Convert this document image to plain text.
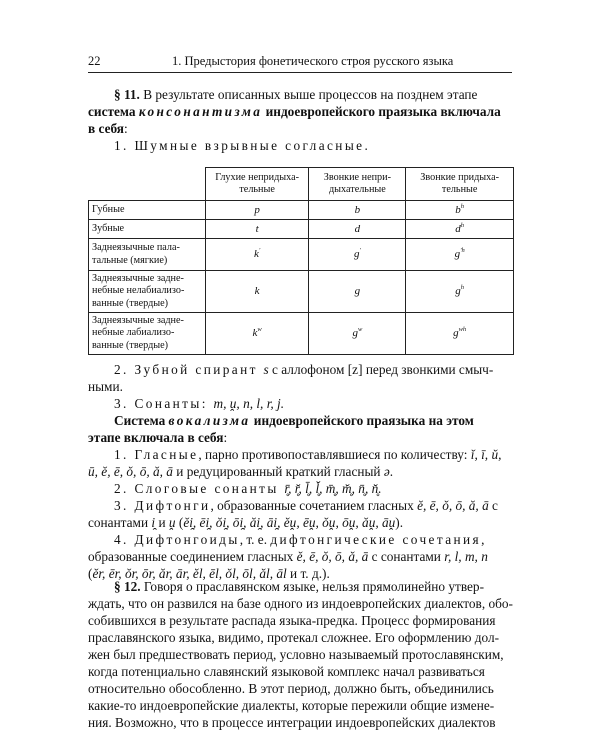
22	1. Предыстория фонетического строя русского языка
§ 11. В результате описанных выше процессов на позднем этапе
система консонантизма индоевропейского праязыка включала
в себя:
1. Шумные взрывные согласные.
	Глухие непридыха-тельные	Звонкие непри-дыхательные	Звонкие придыха-тельные
Губные	p	b	$b^h$
Зубные	t	d	$d^h$
Заднеязычные пала-тальные (мягкие)	k'	g'	$g^{'h}$
Заднеязычные задне-небные нелабиализо-ванные (твердые)	k	g	$g^h$
Заднеязычные задне-небные лабиализо-ванные (твердые)	$k^w$	$g^w$	$g^{wh}$
2. Зубной спирант s с аллофоном [z] перед звонкими смыч-
ными.
3. Сонанты: m, ṷ, n, l, r, j.
Система вокализма индоевропейского праязыка на этом
этапе включала в себя:
1. Гласные, парно противопоставлявшиеся по количеству: ĭ, ī, ŭ,
ū, ĕ, ē, ŏ, ō, ă, ā и редуцированный краткий гласный ə.
2. Слоговые сонанты r̥̄, r̥̆, l̥̄, l̥̆, m̥̄, m̥̆, n̥̄, n̥̆.
3. Дифтонги, образованные сочетанием гласных ĕ, ē, ŏ, ō, ă, ā с
сонантами i̯ и ṷ (ĕi̯, ēi̯, ŏi̯, ōi̯, ăi̯, āi̯, ĕṷ, ēṷ, ŏṷ, ōṷ, ăṷ, āṷ).
4. Дифтонгоиды, т. е. дифтонгические сочетания,
образованные соединением гласных ĕ, ē, ŏ, ō, ă, ā с сонантами r, l, m, n
(ĕr, ēr, ŏr, ōr, ăr, ār, ĕl, ēl, ŏl, ōl, ăl, āl и т. д.).
§ 12. Говоря о праславянском языке, нельзя прямолинейно утвер-
ждать, что он развился на базе одного из индоевропейских диалектов, обо-
собившихся в результате распада языка-предка. Процесс формирования
праславянского языка, видимо, протекал сложнее. Его оформлению дол-
жен был предшествовать период, условно называемый протославянским,
когда потенциально славянский языковой комплекс начал развиваться
относительно обособленно. В этот период, должно быть, объединились
какие-то индоевропейские диалекты, которые пережили общие измене-
ния. Возможно, что в процессе интеграции индоевропейских диалектов
